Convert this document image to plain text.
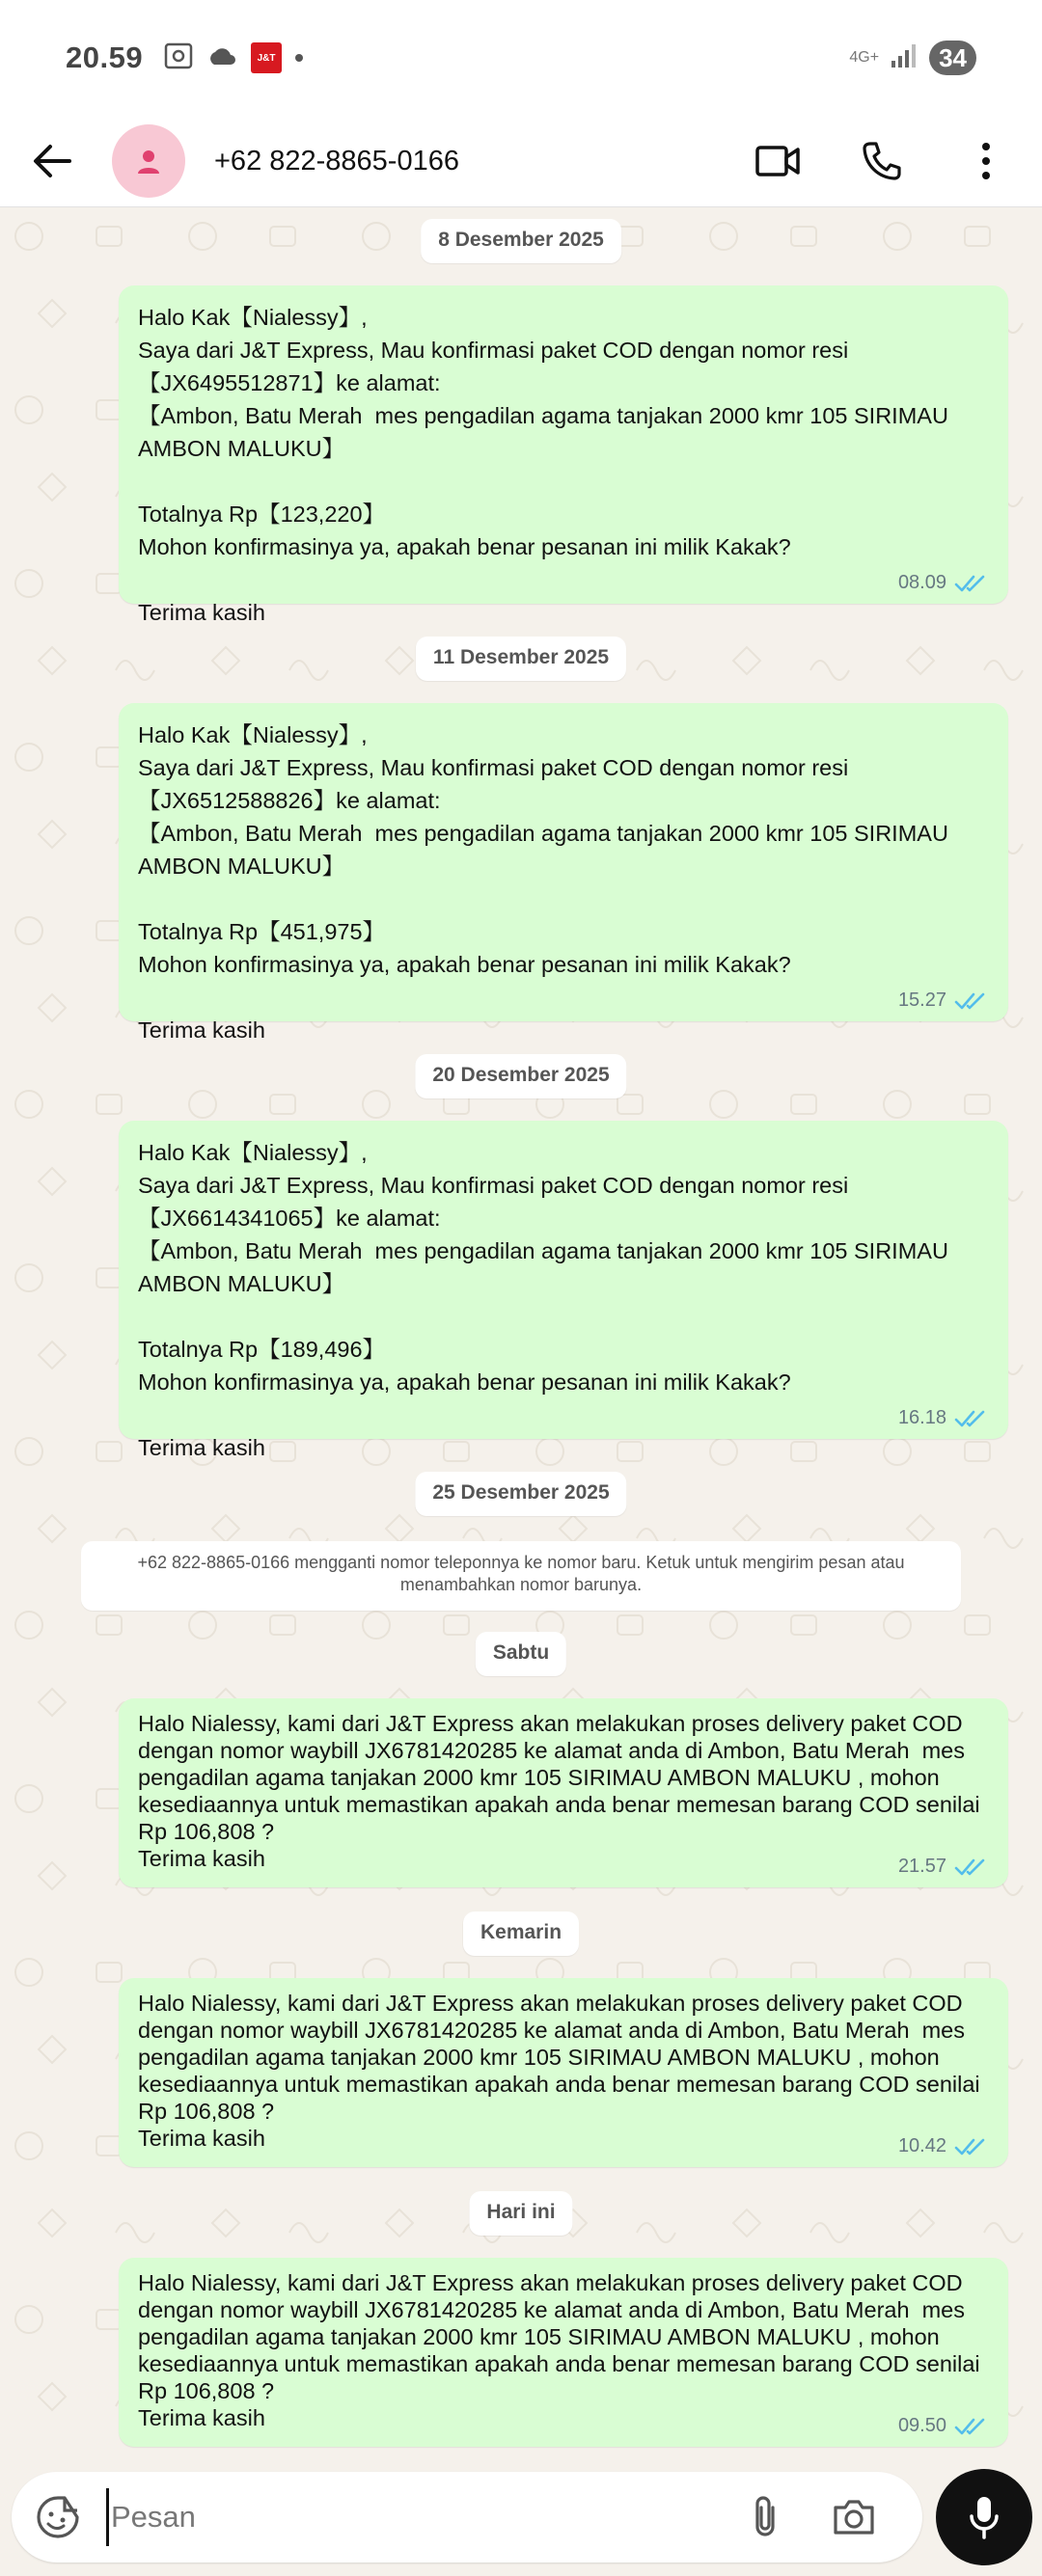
20.59	J&T	4G+	34
+62 822-8865-0166
8 Desember 2025
Halo Kak【Nialessy】,
Saya dari J&T Express, Mau konfirmasi paket COD dengan nomor resi【JX6495512871】ke alamat:
【Ambon, Batu Merah  mes pengadilan agama tanjakan 2000 kmr 105 SIRIMAU AMBON MALUKU】

Totalnya Rp【123,220】
Mohon konfirmasinya ya, apakah benar pesanan ini milik Kakak?

Terima kasih
08.09
11 Desember 2025
Halo Kak【Nialessy】,
Saya dari J&T Express, Mau konfirmasi paket COD dengan nomor resi【JX6512588826】ke alamat:
【Ambon, Batu Merah  mes pengadilan agama tanjakan 2000 kmr 105 SIRIMAU AMBON MALUKU】

Totalnya Rp【451,975】
Mohon konfirmasinya ya, apakah benar pesanan ini milik Kakak?

Terima kasih
15.27
20 Desember 2025
Halo Kak【Nialessy】,
Saya dari J&T Express, Mau konfirmasi paket COD dengan nomor resi【JX6614341065】ke alamat:
【Ambon, Batu Merah  mes pengadilan agama tanjakan 2000 kmr 105 SIRIMAU AMBON MALUKU】

Totalnya Rp【189,496】
Mohon konfirmasinya ya, apakah benar pesanan ini milik Kakak?

Terima kasih
16.18
25 Desember 2025
+62 822-8865-0166 mengganti nomor teleponnya ke nomor baru. Ketuk untuk mengirim pesan atau menambahkan nomor barunya.
Sabtu
Halo Nialessy, kami dari J&T Express akan melakukan proses delivery paket COD dengan nomor waybill JX6781420285 ke alamat anda di Ambon, Batu Merah  mes pengadilan agama tanjakan 2000 kmr 105 SIRIMAU AMBON MALUKU , mohon kesediaannya untuk memastikan apakah anda benar memesan barang COD senilai Rp 106,808 ?
Terima kasih	21.57
Kemarin
Halo Nialessy, kami dari J&T Express akan melakukan proses delivery paket COD dengan nomor waybill JX6781420285 ke alamat anda di Ambon, Batu Merah  mes pengadilan agama tanjakan 2000 kmr 105 SIRIMAU AMBON MALUKU , mohon kesediaannya untuk memastikan apakah anda benar memesan barang COD senilai Rp 106,808 ?
Terima kasih	10.42
Hari ini
Halo Nialessy, kami dari J&T Express akan melakukan proses delivery paket COD dengan nomor waybill JX6781420285 ke alamat anda di Ambon, Batu Merah  mes pengadilan agama tanjakan 2000 kmr 105 SIRIMAU AMBON MALUKU , mohon kesediaannya untuk memastikan apakah anda benar memesan barang COD senilai Rp 106,808 ?
Terima kasih	09.50
Pesan
